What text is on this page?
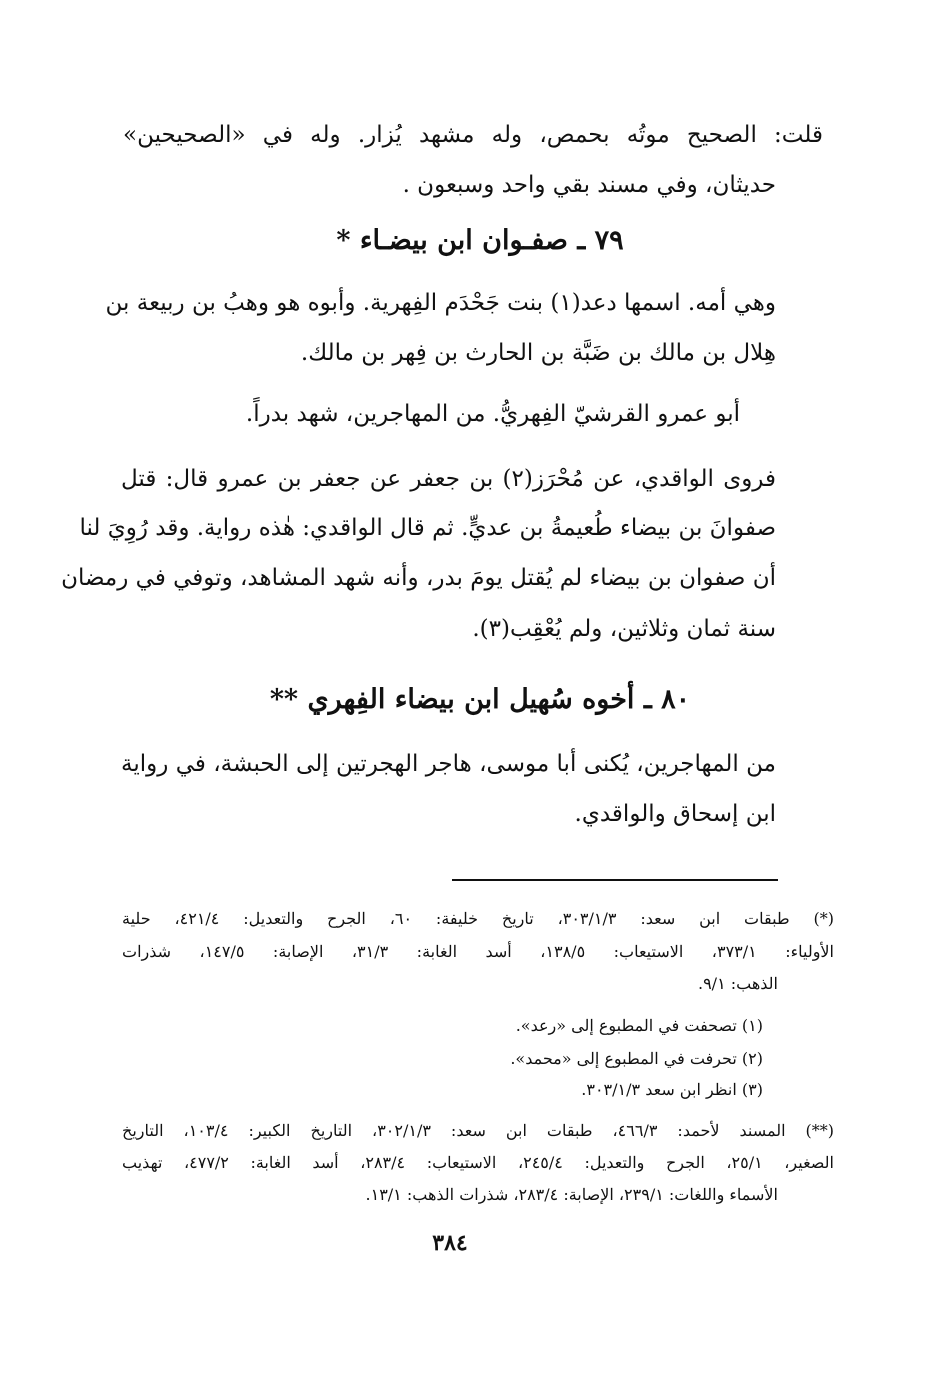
قلت: الصحيح موتُه بحمص، وله مشهد يُزار. وله في «الصحيحين»
حديثان، وفي مسند بقي واحد وسبعون .
٧٩ ـ صفـوان ابن بيضـاء *
وهي أمه. اسمها دعد(١) بنت جَحْدَم الفِهرية. وأبوه هو وهبُ بن ربيعة بن
هِلال بن مالك بن ضَبَّة بن الحارث بن فِهر بن مالك.
أبو عمرو القرشيّ الفِهريُّ. من المهاجرين، شهد بدراً.
فروى الواقدي، عن مُحْرَز(٢) بن جعفر عن جعفر بن عمرو قال: قتل
صفوانَ بن بيضاء طُعيمةُ بن عديٍّ. ثم قال الواقدي: هٰذه رواية. وقد رُوِيَ لنا
أن صفوان بن بيضاء لم يُقتل يومَ بدر، وأنه شهد المشاهد، وتوفي في رمضان
سنة ثمان وثلاثين، ولم يُعْقِب(٣).
٨٠ ـ أخوه سُهيل ابن بيضاء الفِهري **
من المهاجرين، يُكنى أبا موسى، هاجر الهجرتين إلى الحبشة، في رواية
ابن إسحاق والواقدي.
(*) طبقات ابن سعد: ٣٠٣/١/٣، تاريخ خليفة: ٦٠، الجرح والتعديل: ٤٢١/٤، حلية
الأولياء: ٣٧٣/١، الاستيعاب: ١٣٨/٥، أسد الغابة: ٣١/٣، الإصابة: ١٤٧/٥، شذرات
الذهب: ٩/١.
(١) تصحفت في المطبوع إلى «رعد».
(٢) تحرفت في المطبوع إلى «محمد».
(٣) انظر ابن سعد ٣٠٣/١/٣.
(**) المسند لأحمد: ٤٦٦/٣، طبقات ابن سعد: ٣٠٢/١/٣، التاريخ الكبير: ١٠٣/٤، التاريخ
الصغير، ٢٥/١، الجرح والتعديل: ٢٤٥/٤، الاستيعاب: ٢٨٣/٤، أسد الغابة: ٤٧٧/٢، تهذيب
الأسماء واللغات: ٢٣٩/١، الإصابة: ٢٨٣/٤، شذرات الذهب: ١٣/١.
٣٨٤
